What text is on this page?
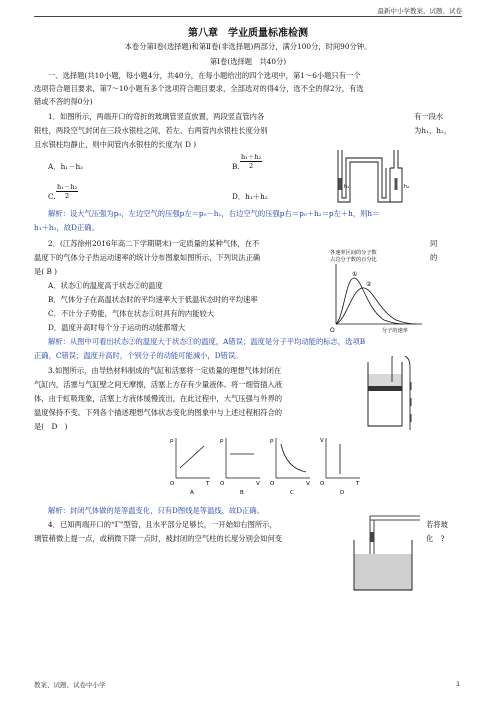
最新中小学教案、试题、试卷
第八章　学业质量标准检测
本卷分第Ⅰ卷(选择题)和第Ⅱ卷(非选择题)两部分，满分100分，时间90分钟。
第Ⅰ卷(选择题　共40分)
一、选择题(共10小题，每小题4分，共40分，在每小题给出的四个选项中，第1～6小题只有一个
选项符合题目要求，第7～10小题有多个选项符合题目要求，全部选对的得4分，选不全的得2分，有选
错或不答的得0分)
1．如图所示，两端开口的弯折的玻璃管竖直放置，两段竖直管内各	有一段水
银柱，两段空气封闭在三段水银柱之间，若左、右两管内水银柱长度分别	为h₁、h₂，
且水银柱均静止，则中间管内水银柱的长度为( D )
A．h₁－h₂	B. $\frac{\text{h₁＋h₂}}{2}$
C. $\frac{\text{h₁－h₂}}{2}$	D．h₁＋h₂
解析：设大气压强为p₀，左边空气的压强p左＝p₀－h₁，右边空气的压强p右＝p₀＋h₂＝p左＋h，则h＝
h₁＋h₂，故D正确。
h₁	h₂
2．(江苏徐州2016年高二下学期期末)一定质量的某种气体，在不	同
温度下的气体分子热运动速率的统计分布图象如图所示，下列说法正确	的
是( B )
A．状态①的温度高于状态②的温度
B．气体分子在高温状态时的平均速率大于低温状态时的平均速率
C．不计分子势能，气体在状态①时具有的内能较大
D．温度升高时每个分子运动的动能都增大
解析：从图中可看出状态②的温度大于状态①的温度，A错误；温度是分子平均动能的标志，选项B
正确，C错误；温度升高时，个别分子的动能可能减小，D错误。
各速率区间的分子数
占总分子数的百分比
①
②
O	分子的速率
3.如图所示，由导热材料制成的气缸和活塞将一定质量的理想气体封闭在
气缸内，活塞与气缸壁之间无摩擦，活塞上方存有少量液体。将一细管插入液
体，由于虹吸现象，活塞上方液体缓慢流出，在此过程中，大气压强与外界的
温度保持不变。下列各个描述理想气体状态变化的图象中与上述过程相符合的
是(　D　)
p
T
O
A
p
V
O
B
p
V
O
C
V
T
O
D
解析：封闭气体做的是等温变化，只有D图线是等温线，故D正确。
4．已知两端开口的“Γ”型管，且水平部分足够长，一开始如右图所示，	若将玻
璃管稍微上提一点，或稍微下降一点时，被封闭的空气柱的长度分别会如何变	化　?
教案、试题、试卷中小学	1
